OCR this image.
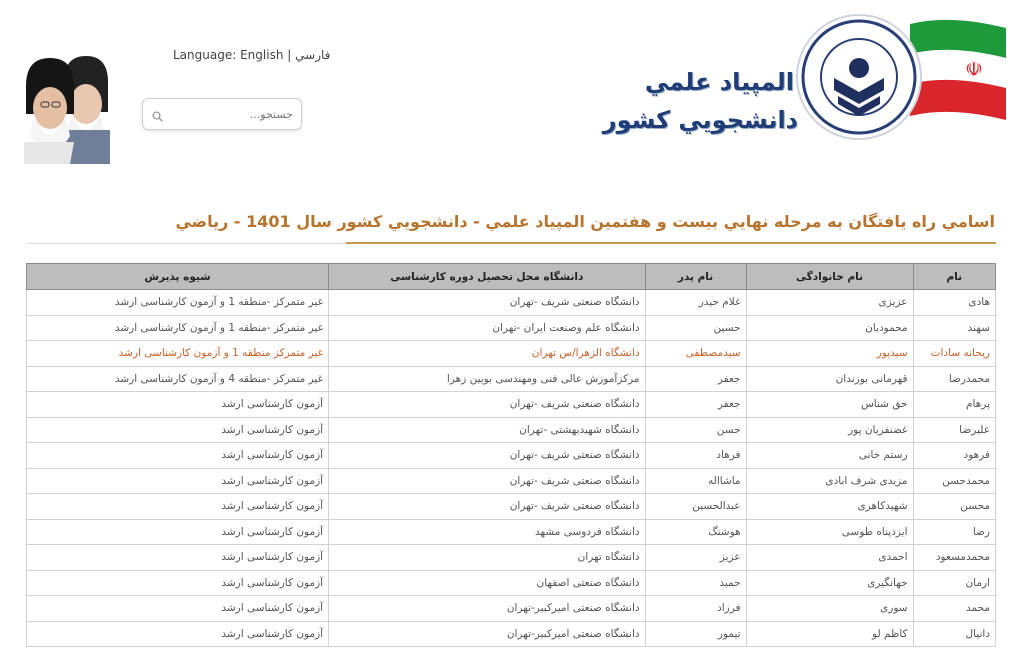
Language: English | فارسي
جستجو...
☫
المپياد علمي
دانشجويي كشور
اسامي راه يافتگان به مرحله نهايي بيست و هفتمين المپياد علمي - دانشجويي كشور سال 1401 - رياضي
نام	نام خانوادگی	نام پدر	دانشگاه محل تحصیل دوره کارشناسی	شیوه پذیرش
هادی	عزیزی	غلام حیدر	دانشگاه صنعتی شریف -تهران	غیر متمرکز -منطقه 1 و آزمون کارشناسی ارشد
سهند	محمودیان	حسین	دانشگاه علم وصنعت ایران -تهران	غیر متمرکز -منطقه 1 و آزمون کارشناسی ارشد
ریحانه سادات	سیدپور	سیدمصطفی	دانشگاه الزهرا/س تهران	غیر متمرکز منطقه 1 و آزمون کارشناسی ارشد
محمدرضا	قهرمانی بوزندان	جعفر	مرکزآموزش عالی فنی ومهندسی بویین زهرا	غیر متمرکز -منطقه 4 و آزمون کارشناسی ارشد
پرهام	حق شناس	جعفر	دانشگاه صنعتی شریف -تهران	آزمون کارشناسی ارشد
علیرضا	غضنفریان پور	حسن	دانشگاه شهیدبهشتی -تهران	آزمون کارشناسی ارشد
فرهود	رستم خانی	فرهاد	دانشگاه صنعتی شریف -تهران	آزمون کارشناسی ارشد
محمدحسن	مزیدی شرف ابادی	ماشااله	دانشگاه صنعتی شریف -تهران	آزمون کارشناسی ارشد
محسن	شهیدکاهری	عبدالحسین	دانشگاه صنعتی شریف -تهران	آزمون کارشناسی ارشد
رضا	ایزدپناه طوسی	هوشنگ	دانشگاه فردوسی مشهد	آزمون کارشناسی ارشد
محمدمسعود	احمدی	عزیز	دانشگاه تهران	آزمون کارشناسی ارشد
ارمان	جهانگیری	حمید	دانشگاه صنعتی اصفهان	آزمون کارشناسی ارشد
محمد	سوری	فرزاد	دانشگاه صنعتی امیرکبیر-تهران	آزمون کارشناسی ارشد
دانیال	کاظم لو	تیمور	دانشگاه صنعتی امیرکبیر-تهران	آزمون کارشناسی ارشد
